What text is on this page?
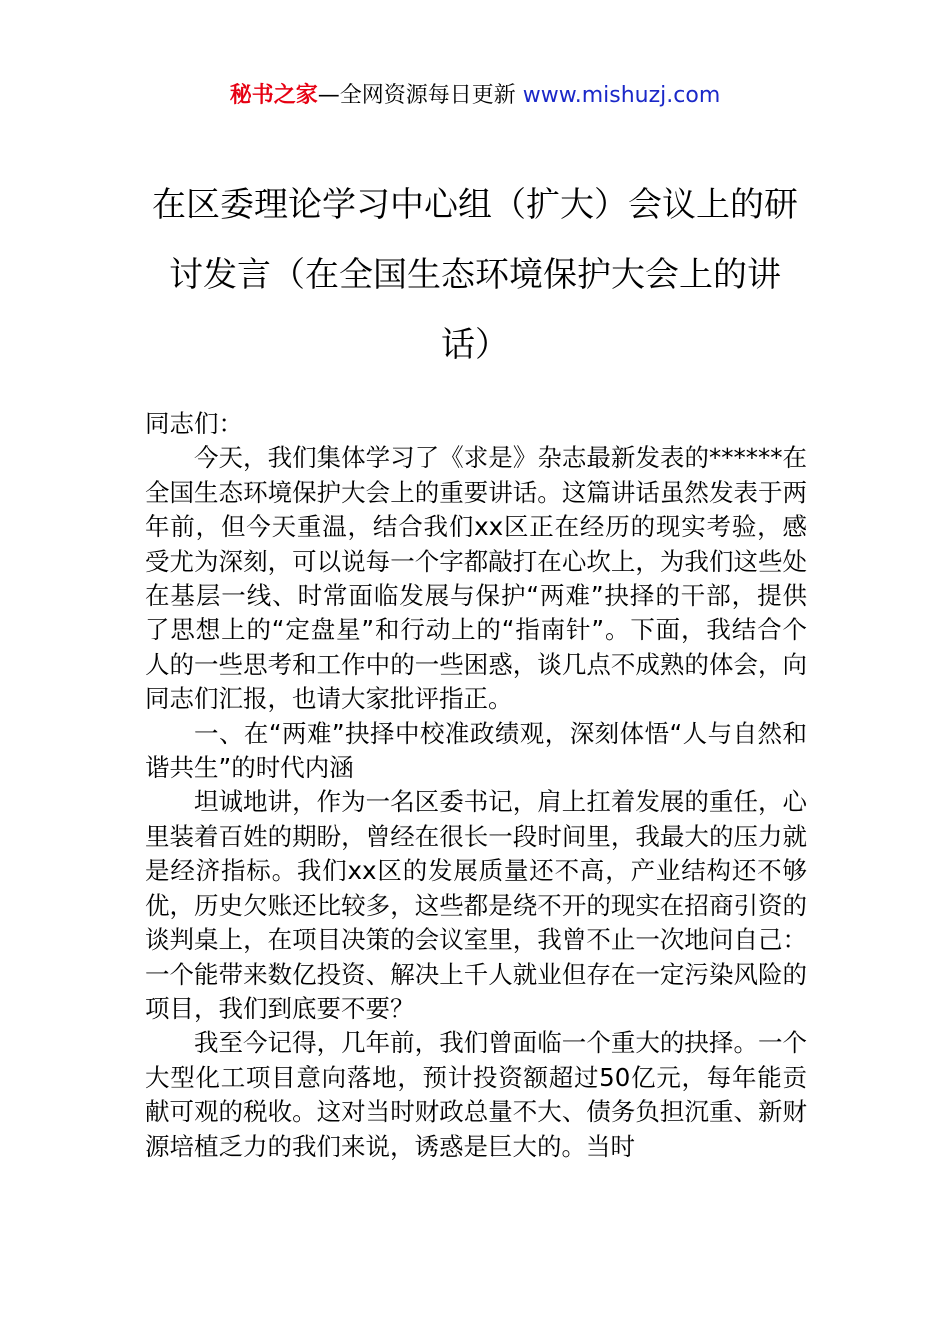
秘书之家—全网资源每日更新 www.mishuzj.com
在区委理论学习中心组（扩大）会议上的研讨发言（在全国生态环境保护大会上的讲话）

同志们：

今天，我们集体学习了《求是》杂志最新发表的******在全国生态环境保护大会上的重要讲话。这篇讲话虽然发表于两年前，但今天重温，结合我们xx区正在经历的现实考验，感受尤为深刻，可以说每一个字都敲打在心坎上，为我们这些处在基层一线、时常面临发展与保护“两难”抉择的干部，提供了思想上的“定盘星”和行动上的“指南针”。下面，我结合个人的一些思考和工作中的一些困惑，谈几点不成熟的体会，向同志们汇报，也请大家批评指正。

一、在“两难”抉择中校准政绩观，深刻体悟“人与自然和谐共生”的时代内涵

坦诚地讲，作为一名区委书记，肩上扛着发展的重任，心里装着百姓的期盼，曾经在很长一段时间里，我最大的压力就是经济指标。我们xx区的发展质量还不高，产业结构还不够优，历史欠账还比较多，这些都是绕不开的现实在招商引资的谈判桌上，在项目决策的会议室里，我曾不止一次地问自己：一个能带来数亿投资、解决上千人就业但存在一定污染风险的项目，我们到底要不要？

我至今记得，几年前，我们曾面临一个重大的抉择。一个大型化工项目意向落地，预计投资额超过50亿元，每年能贡献可观的税收。这对当时财政总量不大、债务负担沉重、新财源培植乏力的我们来说，诱惑是巨大的。当时
